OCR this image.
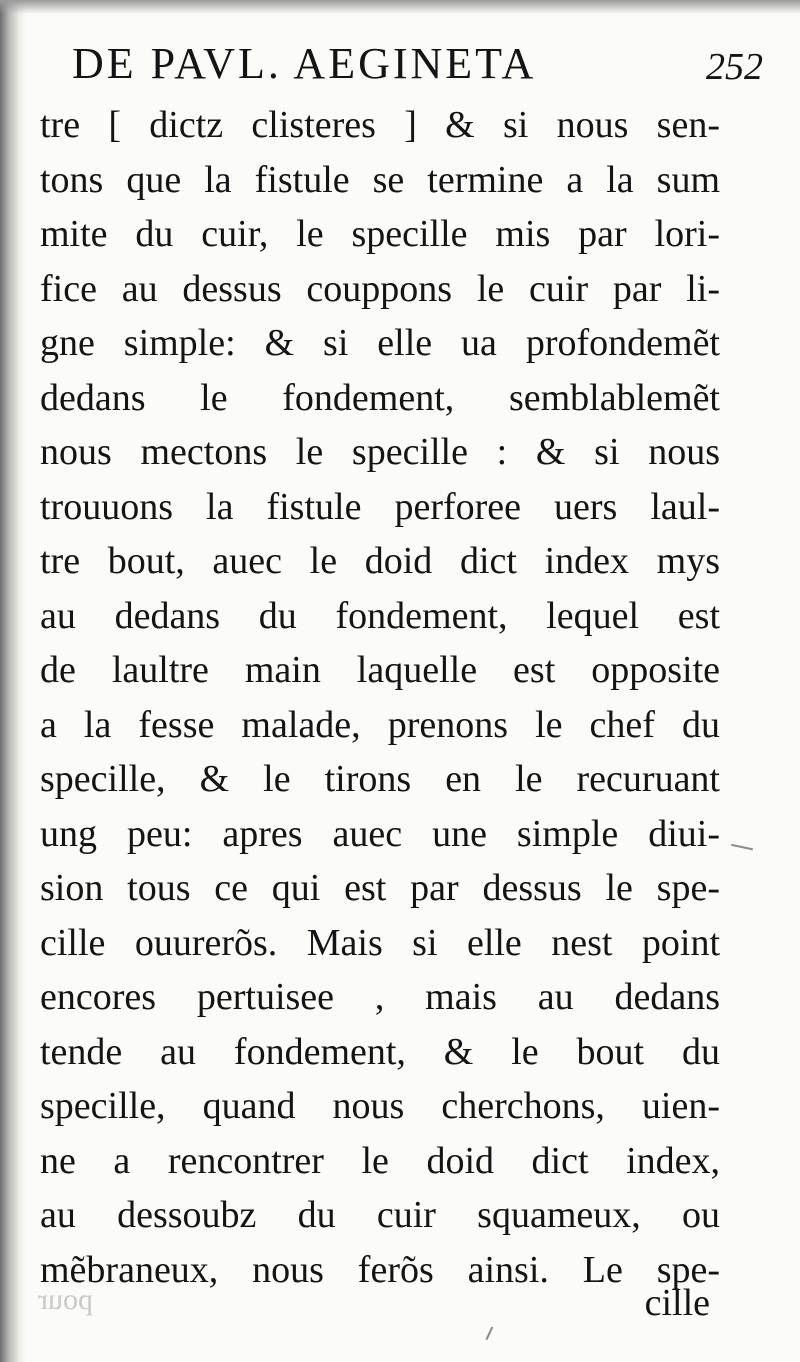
DE PAVL. AEGINETA	252
tre [ dictz clisteres ] & si nous sen-
tons que la fistule se termine a la sum
mite du cuir, le specille mis par lori-
fice au dessus couppons le cuir par li-
gne simple: & si elle ua profondemẽt
dedans le fondement, semblablemẽt
nous mectons le specille : & si nous
trouuons la fistule perforee uers laul-
tre bout, auec le doid dict index mys
au dedans du fondement, lequel est
de laultre main laquelle est opposite
a la fesse malade, prenons le chef du
specille, & le tirons en le recuruant
ung peu: apres auec une simple diui-
sion tous ce qui est par dessus le spe-
cille ouurerõs. Mais si elle nest point
encores pertuisee , mais au dedans
tende au fondement, & le bout du
specille, quand nous cherchons, uien-
ne a rencontrer le doid dict index,
au dessoubz du cuir squameux, ou
mẽbraneux, nous ferõs ainsi. Le spe-
cille
pour
